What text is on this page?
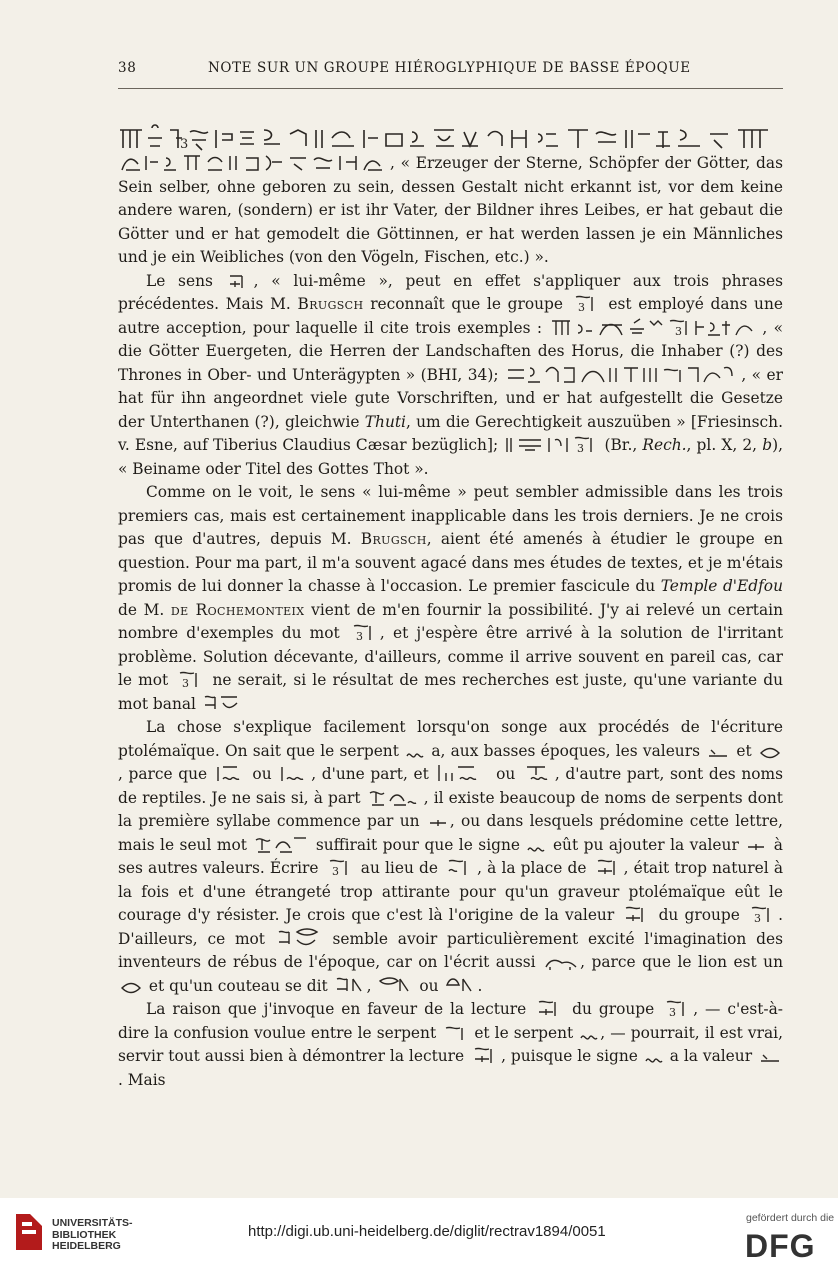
38	NOTE SUR UN GROUPE HIÉROGLYPHIQUE DE BASSE ÉPOQUE
3

, « Erzeuger der Sterne, Schöpfer der Götter, das Sein selber, ohne geboren zu sein, dessen Gestalt nicht erkannt ist, vor dem keine andere waren, (sondern) er ist ihr Vater, der Bildner ihres Leibes, er hat gebaut die Götter und er hat gemodelt die Göttinnen, er hat werden lassen je ein Männliches und je ein Weibliches (von den Vögeln, Fischen, etc.) ».

Le sens	, « lui-même », peut en effet s'appliquer aux trois phrases précédentes. Mais M. Brugsch reconnaît que le groupe 3 est employé dans une autre acception, pour laquelle il cite trois exemples :	3	, « die Götter Euergeten, die Herren der Landschaften des Horus, die Inhaber (?) des Thrones in Ober- und Unterägypten » (BHI, 34);	, « er hat für ihn angeordnet viele gute Vorschriften, und er hat aufgestellt die Gesetze der Unterthanen (?), gleichwie Thuti, um die Gerechtigkeit auszuüben » [Friesinsch. v. Esne, auf Tiberius Claudius Cæsar bezüglich];	3 (Br., Rech., pl. X, 2, b), « Beiname oder Titel des Gottes Thot ».

Comme on le voit, le sens « lui-même » peut sembler admissible dans les trois premiers cas, mais est certainement inapplicable dans les trois derniers. Je ne crois pas que d'autres, depuis M. Brugsch, aient été amenés à étudier le groupe en question. Pour ma part, il m'a souvent agacé dans mes études de textes, et je m'étais promis de lui donner la chasse à l'occasion. Le premier fascicule du Temple d'Edfou de M. de Rochemonteix vient de m'en fournir la possibilité. J'y ai relevé un certain nombre d'exemples du mot 3 , et j'espère être arrivé à la solution de l'irritant problème. Solution décevante, d'ailleurs, comme il arrive souvent en pareil cas, car le mot 3 ne serait, si le résultat de mes recherches est juste, qu'une variante du mot banal

La chose s'explique facilement lorsqu'on songe aux procédés de l'écriture ptolémaïque. On sait que le serpent a, aux basses époques, les valeurs et
, parce que	ou	, d'une part, et	ou	, d'autre part, sont des noms de reptiles. Je ne sais si, à part	, il existe beaucoup de noms de serpents dont la première syllabe commence par un , ou dans lesquels prédomine cette lettre, mais le seul mot	suffirait pour que le signe eût pu ajouter la valeur à ses autres valeurs. Écrire 3 au lieu de	, à la place de , était trop naturel à la fois et d'une étrangeté trop attirante pour qu'un graveur ptolémaïque eût le courage d'y résister. Je crois que c'est là l'origine de la valeur	du groupe 3 . D'ailleurs, ce mot	semble avoir particulièrement excité l'imagination des inventeurs de rébus de l'époque, car on l'écrit aussi	, parce que le lion est un
et qu'un couteau se dit	,	ou	.

La raison que j'invoque en faveur de la lecture	du groupe 3 , — c'est-à-dire la confusion voulue entre le serpent et le serpent , — pourrait, il est vrai, servir tout aussi bien à démontrer la lecture , puisque le signe a la valeur
. Mais

UNIVERSITÄTS-
BIBLIOTHEK
HEIDELBERG
http://digi.ub.uni-heidelberg.de/diglit/rectrav1894/0051
gefördert durch die
DFG
